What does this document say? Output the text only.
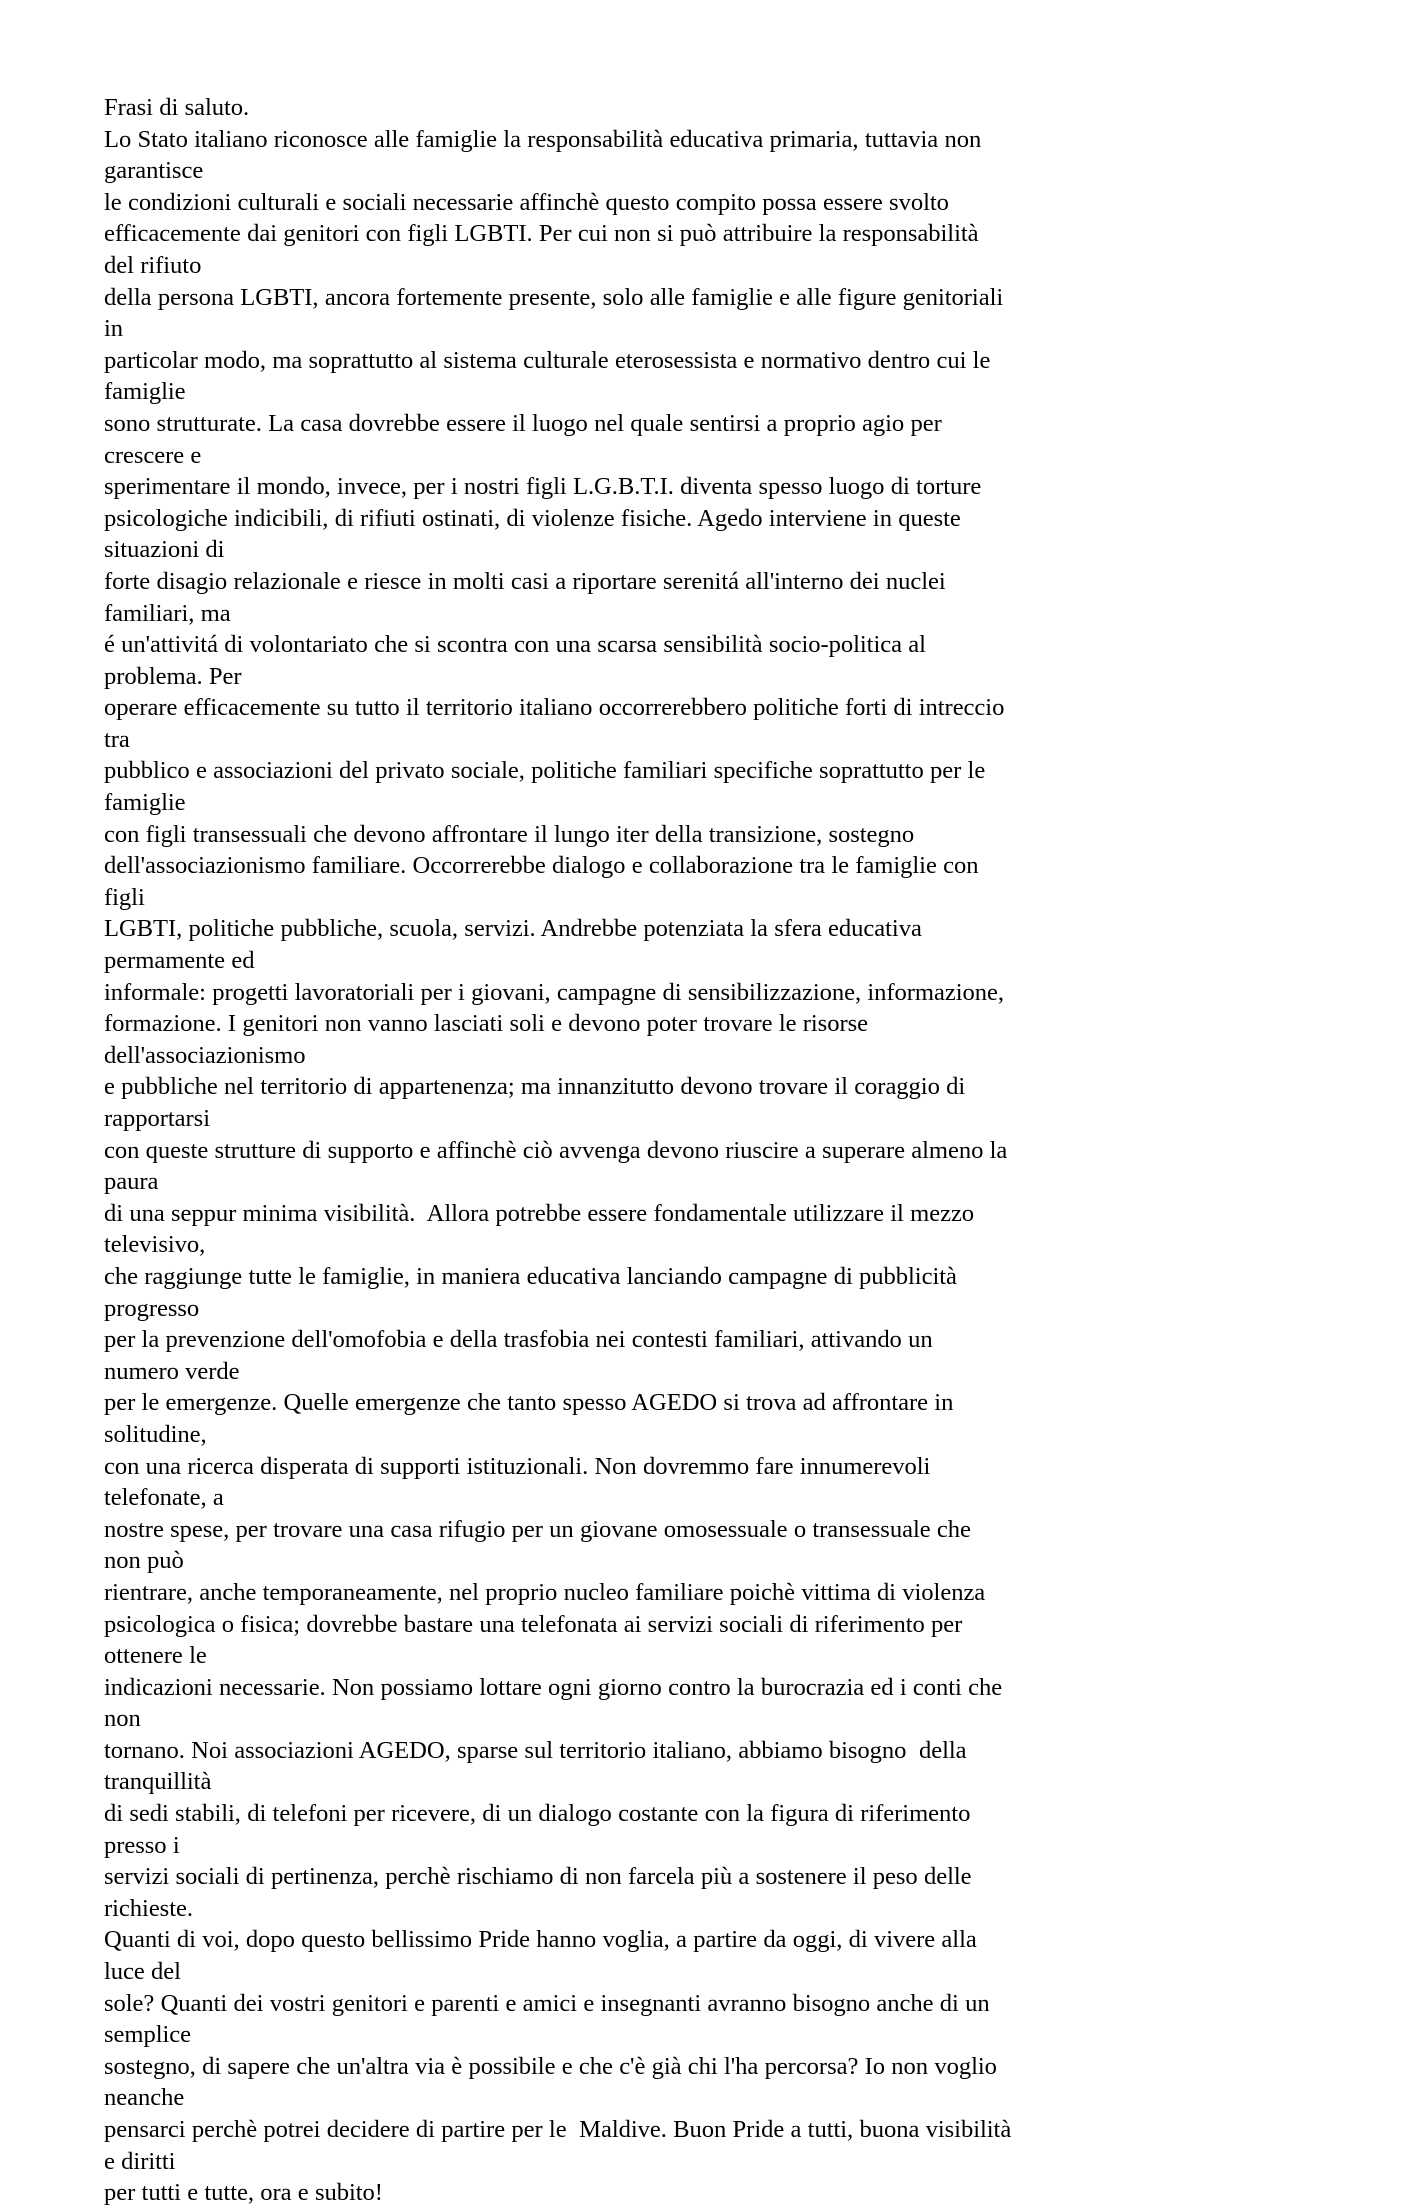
Frasi di saluto.
Lo Stato italiano riconosce alle famiglie la responsabilità educativa primaria, tuttavia non garantisce
le condizioni culturali e sociali necessarie affinchè questo compito possa essere svolto
efficacemente dai genitori con figli LGBTI. Per cui non si può attribuire la responsabilità del rifiuto
della persona LGBTI, ancora fortemente presente, solo alle famiglie e alle figure genitoriali in
particolar modo, ma soprattutto al sistema culturale eterosessista e normativo dentro cui le famiglie
sono strutturate. La casa dovrebbe essere il luogo nel quale sentirsi a proprio agio per crescere e
sperimentare il mondo, invece, per i nostri figli L.G.B.T.I. diventa spesso luogo di torture
psicologiche indicibili, di rifiuti ostinati, di violenze fisiche. Agedo interviene in queste situazioni di
forte disagio relazionale e riesce in molti casi a riportare serenitá all'interno dei nuclei familiari, ma
é un'attivitá di volontariato che si scontra con una scarsa sensibilità socio-politica al problema. Per
operare efficacemente su tutto il territorio italiano occorrerebbero politiche forti di intreccio tra
pubblico e associazioni del privato sociale, politiche familiari specifiche soprattutto per le famiglie
con figli transessuali che devono affrontare il lungo iter della transizione, sostegno
dell'associazionismo familiare. Occorrerebbe dialogo e collaborazione tra le famiglie con figli
LGBTI, politiche pubbliche, scuola, servizi. Andrebbe potenziata la sfera educativa permamente ed
informale: progetti lavoratoriali per i giovani, campagne di sensibilizzazione, informazione,
formazione. I genitori non vanno lasciati soli e devono poter trovare le risorse dell'associazionismo
e pubbliche nel territorio di appartenenza; ma innanzitutto devono trovare il coraggio di rapportarsi
con queste strutture di supporto e affinchè ciò avvenga devono riuscire a superare almeno la paura
di una seppur minima visibilità.  Allora potrebbe essere fondamentale utilizzare il mezzo televisivo,
che raggiunge tutte le famiglie, in maniera educativa lanciando campagne di pubblicità progresso
per la prevenzione dell'omofobia e della trasfobia nei contesti familiari, attivando un numero verde
per le emergenze. Quelle emergenze che tanto spesso AGEDO si trova ad affrontare in solitudine,
con una ricerca disperata di supporti istituzionali. Non dovremmo fare innumerevoli telefonate, a
nostre spese, per trovare una casa rifugio per un giovane omosessuale o transessuale che non può
rientrare, anche temporaneamente, nel proprio nucleo familiare poichè vittima di violenza
psicologica o fisica; dovrebbe bastare una telefonata ai servizi sociali di riferimento per ottenere le
indicazioni necessarie. Non possiamo lottare ogni giorno contro la burocrazia ed i conti che non
tornano. Noi associazioni AGEDO, sparse sul territorio italiano, abbiamo bisogno  della tranquillità
di sedi stabili, di telefoni per ricevere, di un dialogo costante con la figura di riferimento presso i
servizi sociali di pertinenza, perchè rischiamo di non farcela più a sostenere il peso delle richieste.
Quanti di voi, dopo questo bellissimo Pride hanno voglia, a partire da oggi, di vivere alla luce del
sole? Quanti dei vostri genitori e parenti e amici e insegnanti avranno bisogno anche di un semplice
sostegno, di sapere che un'altra via è possibile e che c'è già chi l'ha percorsa? Io non voglio neanche
pensarci perchè potrei decidere di partire per le  Maldive. Buon Pride a tutti, buona visibilità e diritti
per tutti e tutte, ora e subito!
